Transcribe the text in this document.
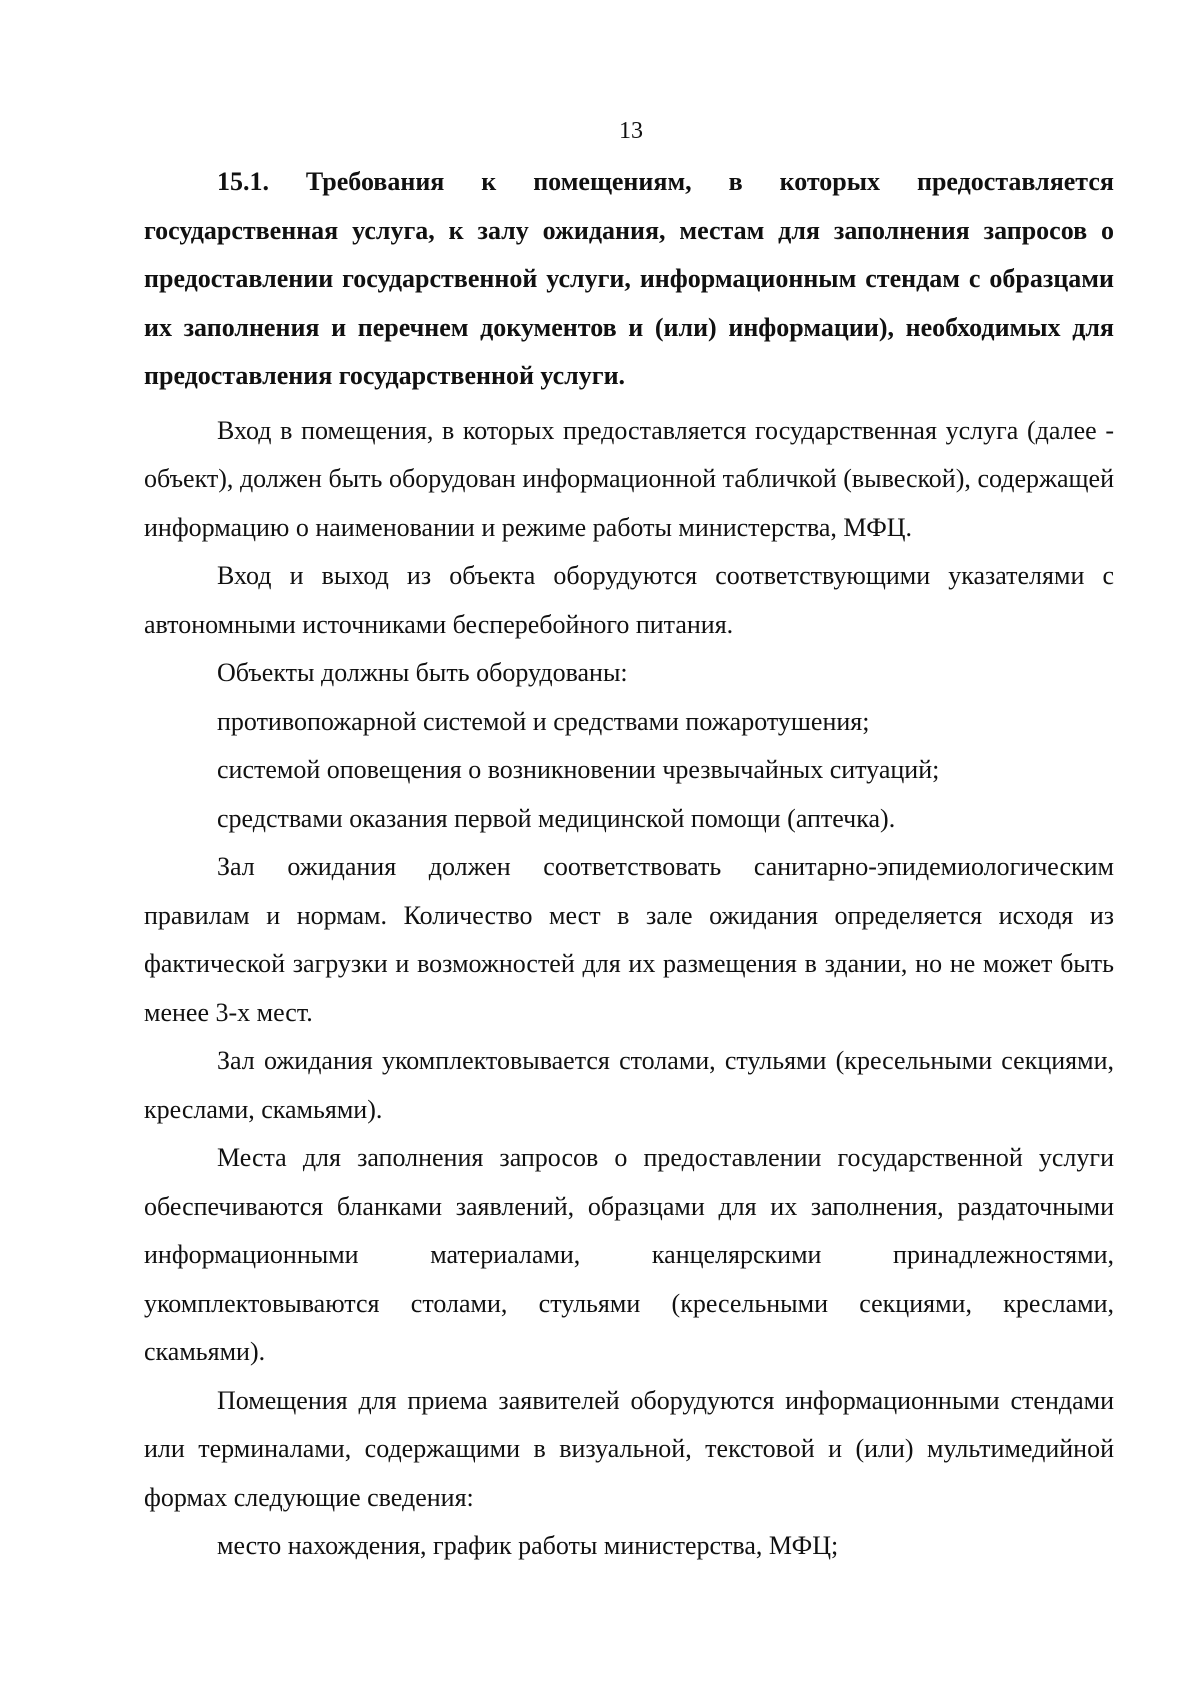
13

15.1. Требования к помещениям, в которых предоставляется государственная услуга, к залу ожидания, местам для заполнения запросов о предоставлении государственной услуги, информационным стендам с образцами их заполнения и перечнем документов и (или) информации), необходимых для предоставления государственной услуги.

Вход в помещения, в которых предоставляется государственная услуга (далее - объект), должен быть оборудован информационной табличкой (вывеской), содержащей информацию о наименовании и режиме работы министерства, МФЦ.

Вход и выход из объекта оборудуются соответствующими указателями с автономными источниками бесперебойного питания.

Объекты должны быть оборудованы:

противопожарной системой и средствами пожаротушения;

системой оповещения о возникновении чрезвычайных ситуаций;

средствами оказания первой медицинской помощи (аптечка).

Зал ожидания должен соответствовать санитарно-эпидемиологическим правилам и нормам. Количество мест в зале ожидания определяется исходя из фактической загрузки и возможностей для их размещения в здании, но не может быть менее 3-х мест.

Зал ожидания укомплектовывается столами, стульями (кресельными секциями, креслами, скамьями).

Места для заполнения запросов о предоставлении государственной услуги обеспечиваются бланками заявлений, образцами для их заполнения, раздаточными информационными материалами, канцелярскими принадлежностями, укомплектовываются столами, стульями (кресельными секциями, креслами, скамьями).

Помещения для приема заявителей оборудуются информационными стендами или терминалами, содержащими в визуальной, текстовой и (или) мультимедийной формах следующие сведения:

место нахождения, график работы министерства, МФЦ;
